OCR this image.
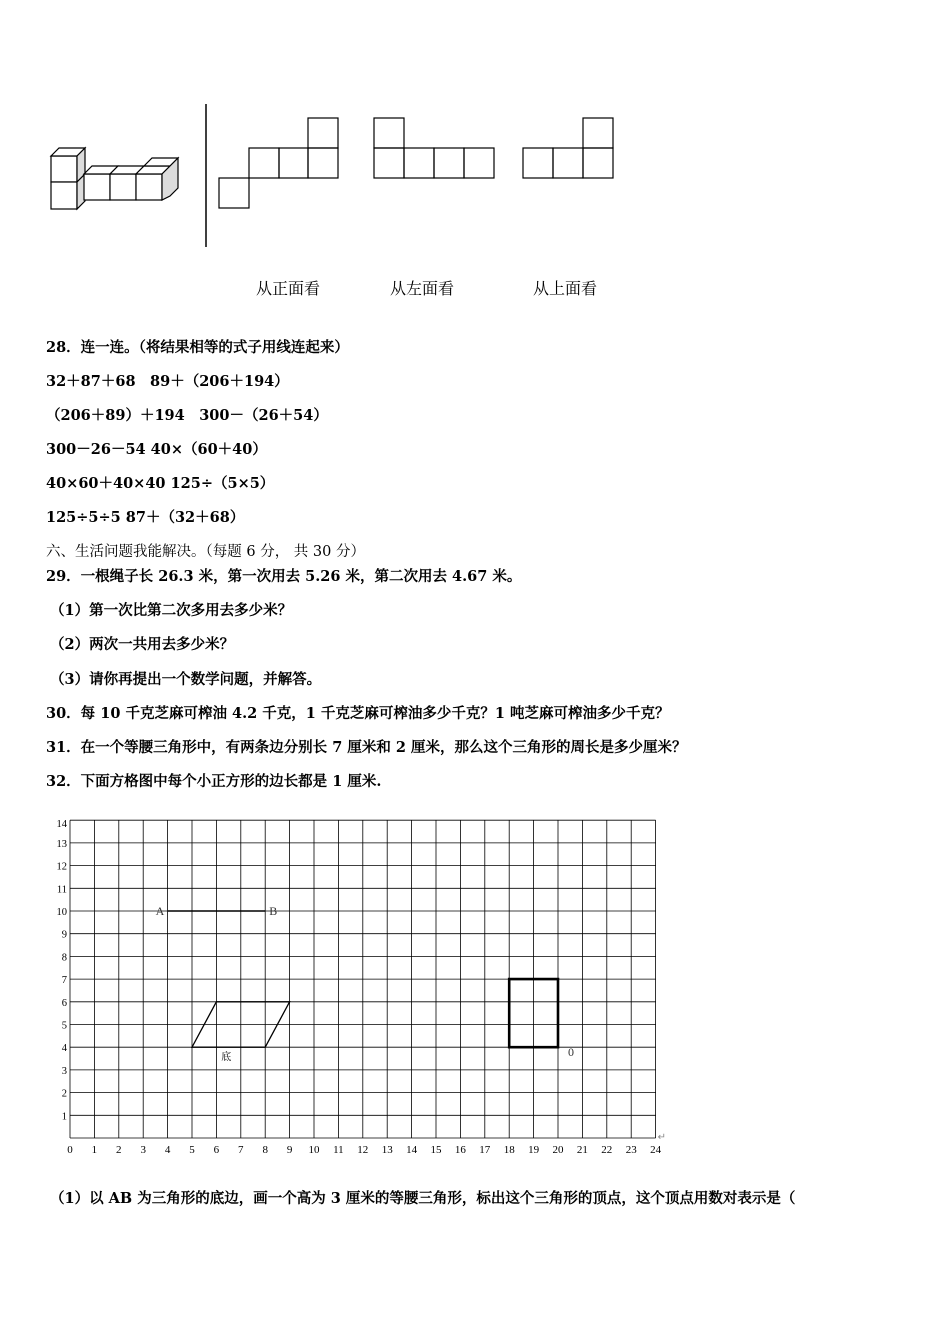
从正面看	从左面看	从上面看
28．连一连。（将结果相等的式子用线连起来）
32＋87＋68　89＋（206＋194）
（206＋89）＋194　300－（26＋54）
300－26－54 40×（60＋40）
40×60＋40×40 125÷（5×5）
125÷5÷5 87＋（32＋68）
六、生活问题我能解决。（每题 6 分， 共 30 分）
29．一根绳子长 26.3 米，第一次用去 5.26 米，第二次用去 4.67 米。
（1）第一次比第二次多用去多少米？
（2）两次一共用去多少米？
（3）请你再提出一个数学问题，并解答。
30．每 10 千克芝麻可榨油 4.2 千克，1 千克芝麻可榨油多少千克？1 吨芝麻可榨油多少千克？
31．在一个等腰三角形中，有两条边分别长 7 厘米和 2 厘米，那么这个三角形的周长是多少厘米？
32．下面方格图中每个小正方形的边长都是 1 厘米.
0 1 2 3 4 5 6 7 8 9 10 11 12 13 14 15 16 17 18 19 20 21 22 23 24
1
2
3
4
5
6
7
8
9
10
11
12
13
14
A	B
底	0
↵
（1）以 AB 为三角形的底边，画一个高为 3 厘米的等腰三角形，标出这个三角形的顶点，这个顶点用数对表示是（
